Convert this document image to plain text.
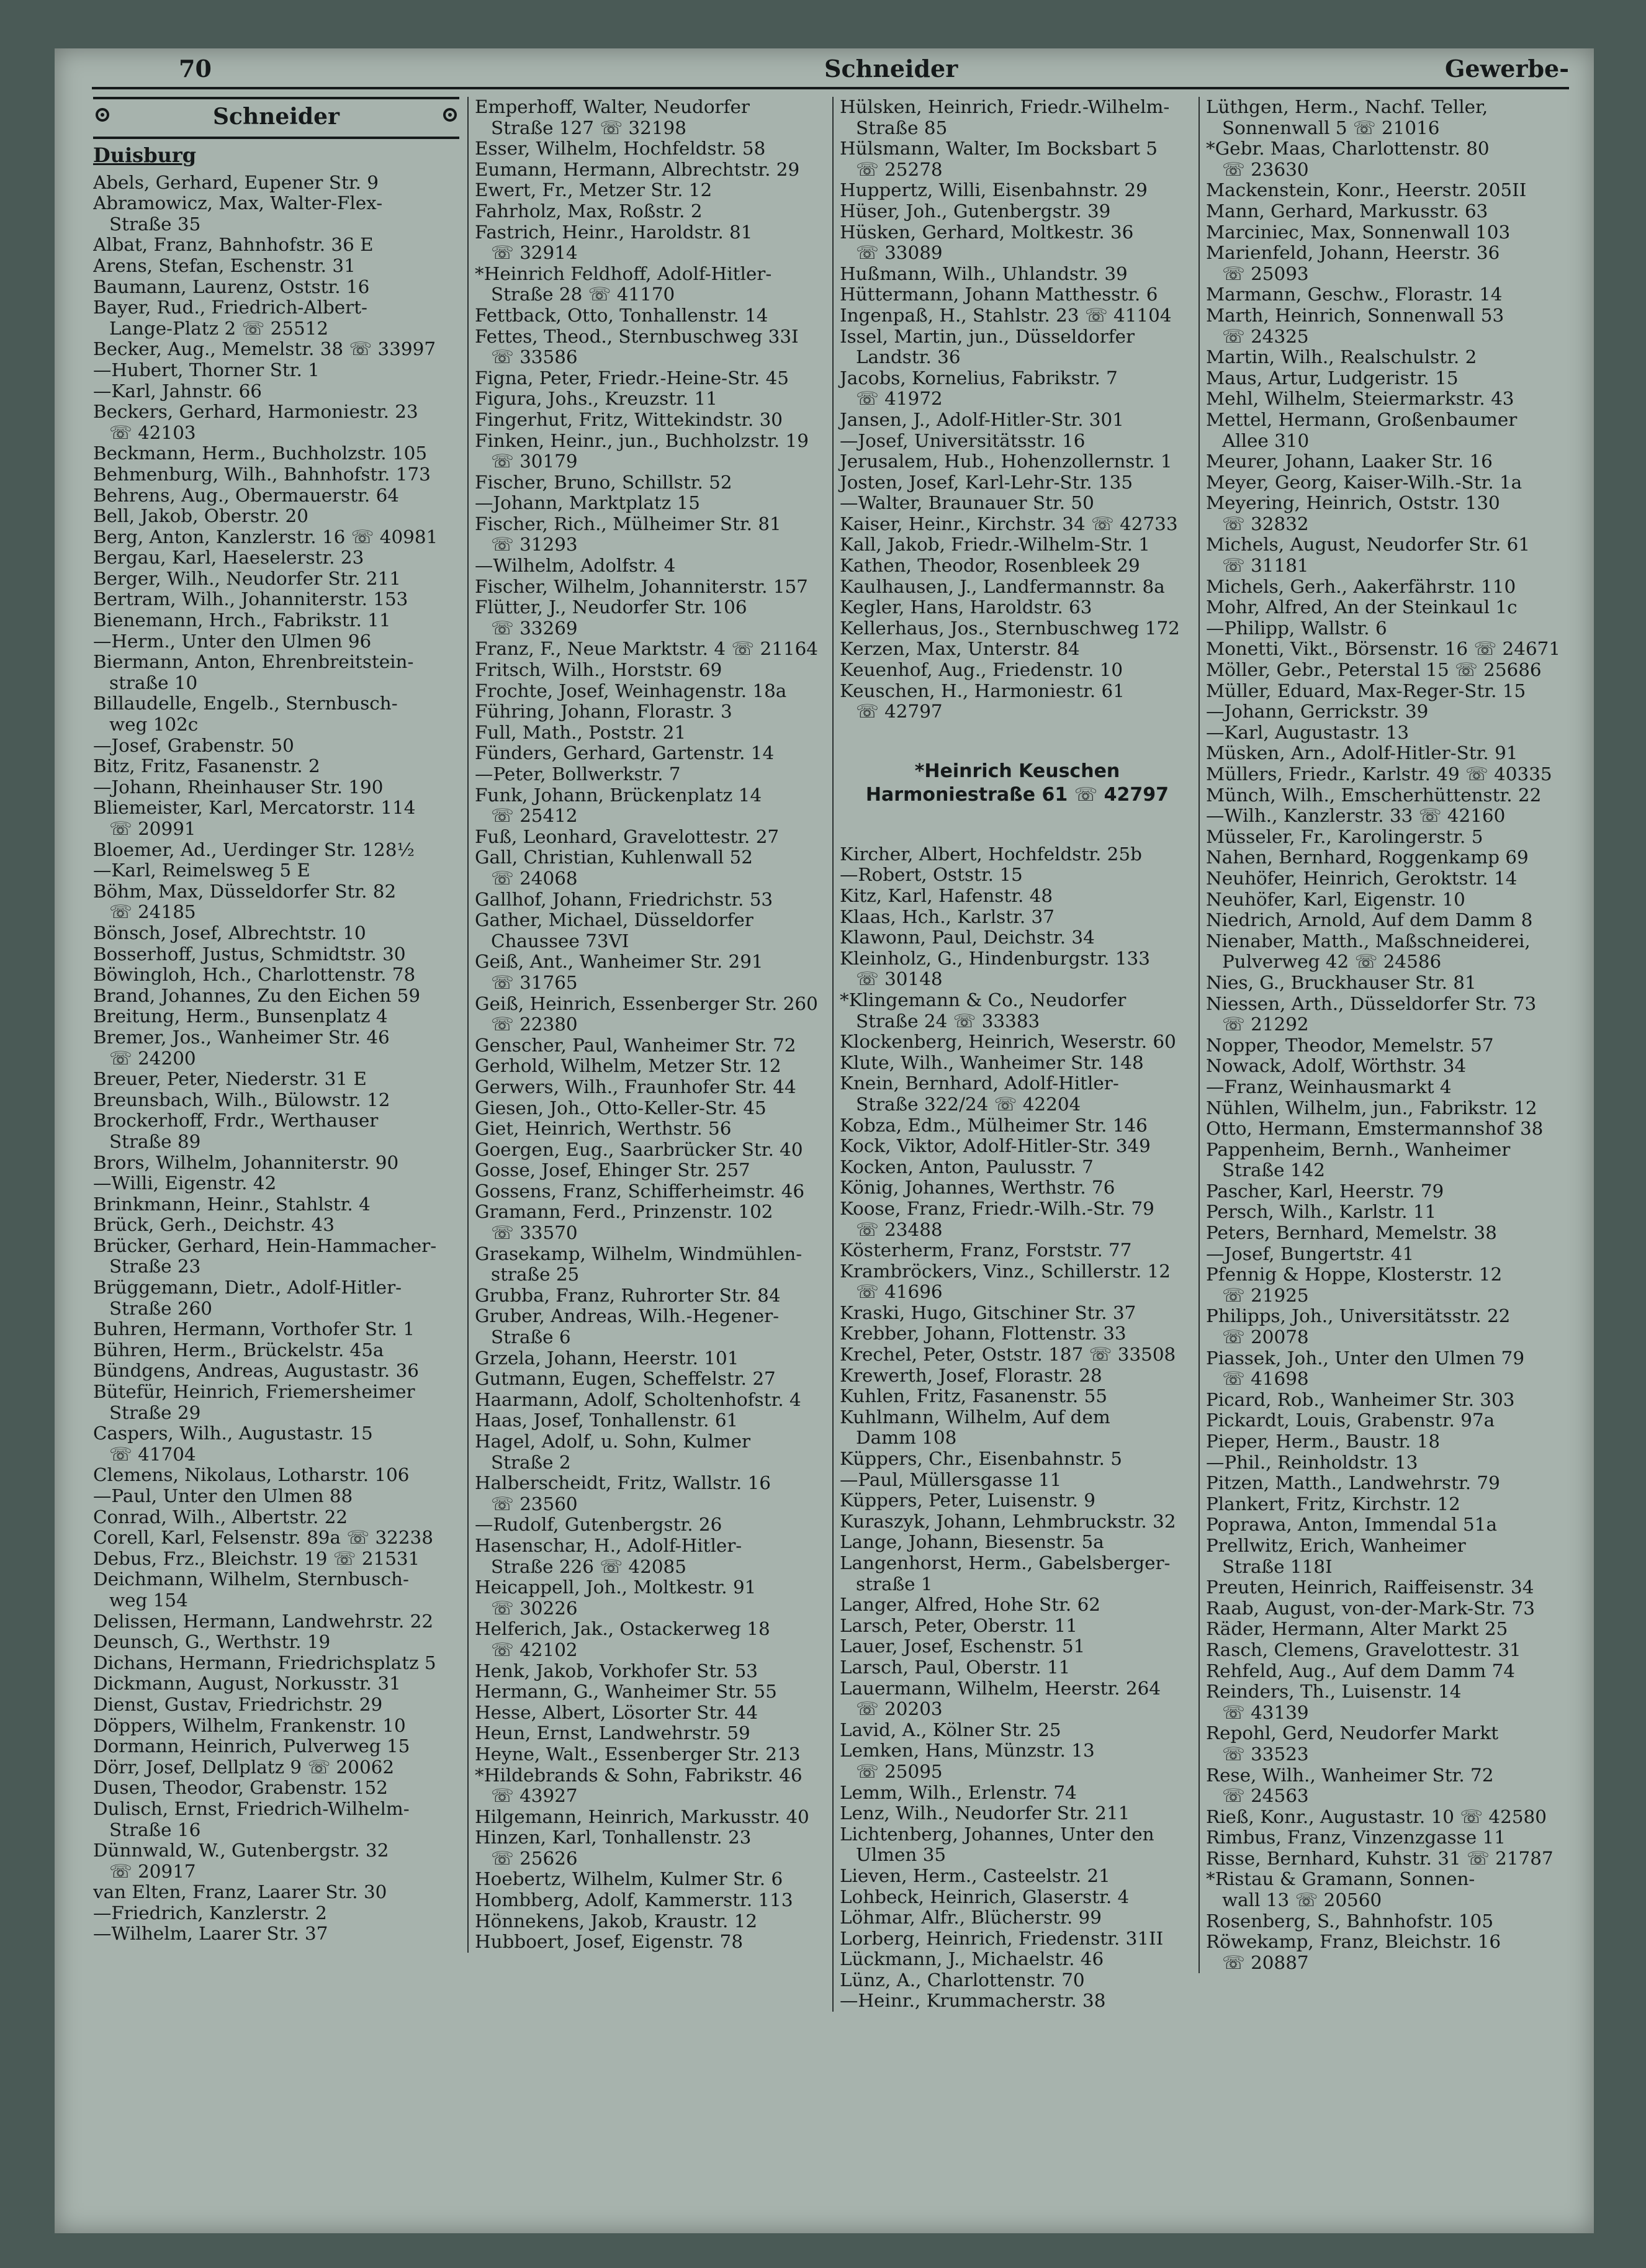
70	Schneider	Gewerbe-
Schneider
Duisburg
Abels, Gerhard, Eupener Str. 9
Abramowicz, Max, Walter-Flex-
Straße 35
Albat, Franz, Bahnhofstr. 36 E
Arens, Stefan, Eschenstr. 31
Baumann, Laurenz, Oststr. 16
Bayer, Rud., Friedrich-Albert-
Lange-Platz 2 ☏ 25512
Becker, Aug., Memelstr. 38 ☏ 33997
—Hubert, Thorner Str. 1
—Karl, Jahnstr. 66
Beckers, Gerhard, Harmoniestr. 23
☏ 42103
Beckmann, Herm., Buchholzstr. 105
Behmenburg, Wilh., Bahnhofstr. 173
Behrens, Aug., Obermauerstr. 64
Bell, Jakob, Oberstr. 20
Berg, Anton, Kanzlerstr. 16 ☏ 40981
Bergau, Karl, Haeselerstr. 23
Berger, Wilh., Neudorfer Str. 211
Bertram, Wilh., Johanniterstr. 153
Bienemann, Hrch., Fabrikstr. 11
—Herm., Unter den Ulmen 96
Biermann, Anton, Ehrenbreitstein-
straße 10
Billaudelle, Engelb., Sternbusch-
weg 102c
—Josef, Grabenstr. 50
Bitz, Fritz, Fasanenstr. 2
—Johann, Rheinhauser Str. 190
Bliemeister, Karl, Mercatorstr. 114
☏ 20991
Bloemer, Ad., Uerdinger Str. 128½
—Karl, Reimelsweg 5 E
Böhm, Max, Düsseldorfer Str. 82
☏ 24185
Bönsch, Josef, Albrechtstr. 10
Bosserhoff, Justus, Schmidtstr. 30
Böwingloh, Hch., Charlottenstr. 78
Brand, Johannes, Zu den Eichen 59
Breitung, Herm., Bunsenplatz 4
Bremer, Jos., Wanheimer Str. 46
☏ 24200
Breuer, Peter, Niederstr. 31 E
Breunsbach, Wilh., Bülowstr. 12
Brockerhoff, Frdr., Werthauser
Straße 89
Brors, Wilhelm, Johanniterstr. 90
—Willi, Eigenstr. 42
Brinkmann, Heinr., Stahlstr. 4
Brück, Gerh., Deichstr. 43
Brücker, Gerhard, Hein-Hammacher-
Straße 23
Brüggemann, Dietr., Adolf-Hitler-
Straße 260
Buhren, Hermann, Vorthofer Str. 1
Bühren, Herm., Brückelstr. 45a
Bündgens, Andreas, Augustastr. 36
Bütefür, Heinrich, Friemersheimer
Straße 29
Caspers, Wilh., Augustastr. 15
☏ 41704
Clemens, Nikolaus, Lotharstr. 106
—Paul, Unter den Ulmen 88
Conrad, Wilh., Albertstr. 22
Corell, Karl, Felsenstr. 89a ☏ 32238
Debus, Frz., Bleichstr. 19 ☏ 21531
Deichmann, Wilhelm, Sternbusch-
weg 154
Delissen, Hermann, Landwehrstr. 22
Deunsch, G., Werthstr. 19
Dichans, Hermann, Friedrichsplatz 5
Dickmann, August, Norkusstr. 31
Dienst, Gustav, Friedrichstr. 29
Döppers, Wilhelm, Frankenstr. 10
Dormann, Heinrich, Pulverweg 15
Dörr, Josef, Dellplatz 9 ☏ 20062
Dusen, Theodor, Grabenstr. 152
Dulisch, Ernst, Friedrich-Wilhelm-
Straße 16
Dünnwald, W., Gutenbergstr. 32
☏ 20917
van Elten, Franz, Laarer Str. 30
—Friedrich, Kanzlerstr. 2
—Wilhelm, Laarer Str. 37
Emperhoff, Walter, Neudorfer
Straße 127 ☏ 32198
Esser, Wilhelm, Hochfeldstr. 58
Eumann, Hermann, Albrechtstr. 29
Ewert, Fr., Metzer Str. 12
Fahrholz, Max, Roßstr. 2
Fastrich, Heinr., Haroldstr. 81
☏ 32914
*Heinrich Feldhoff, Adolf-Hitler-
Straße 28 ☏ 41170
Fettback, Otto, Tonhallenstr. 14
Fettes, Theod., Sternbuschweg 33I
☏ 33586
Figna, Peter, Friedr.-Heine-Str. 45
Figura, Johs., Kreuzstr. 11
Fingerhut, Fritz, Wittekindstr. 30
Finken, Heinr., jun., Buchholzstr. 19
☏ 30179
Fischer, Bruno, Schillstr. 52
—Johann, Marktplatz 15
Fischer, Rich., Mülheimer Str. 81
☏ 31293
—Wilhelm, Adolfstr. 4
Fischer, Wilhelm, Johanniterstr. 157
Flütter, J., Neudorfer Str. 106
☏ 33269
Franz, F., Neue Marktstr. 4 ☏ 21164
Fritsch, Wilh., Horststr. 69
Frochte, Josef, Weinhagenstr. 18a
Führing, Johann, Florastr. 3
Full, Math., Poststr. 21
Fünders, Gerhard, Gartenstr. 14
—Peter, Bollwerkstr. 7
Funk, Johann, Brückenplatz 14
☏ 25412
Fuß, Leonhard, Gravelottestr. 27
Gall, Christian, Kuhlenwall 52
☏ 24068
Gallhof, Johann, Friedrichstr. 53
Gather, Michael, Düsseldorfer
Chaussee 73VI
Geiß, Ant., Wanheimer Str. 291
☏ 31765
Geiß, Heinrich, Essenberger Str. 260
☏ 22380
Genscher, Paul, Wanheimer Str. 72
Gerhold, Wilhelm, Metzer Str. 12
Gerwers, Wilh., Fraunhofer Str. 44
Giesen, Joh., Otto-Keller-Str. 45
Giet, Heinrich, Werthstr. 56
Goergen, Eug., Saarbrücker Str. 40
Gosse, Josef, Ehinger Str. 257
Gossens, Franz, Schifferheimstr. 46
Gramann, Ferd., Prinzenstr. 102
☏ 33570
Grasekamp, Wilhelm, Windmühlen-
straße 25
Grubba, Franz, Ruhrorter Str. 84
Gruber, Andreas, Wilh.-Hegener-
Straße 6
Grzela, Johann, Heerstr. 101
Gutmann, Eugen, Scheffelstr. 27
Haarmann, Adolf, Scholtenhofstr. 4
Haas, Josef, Tonhallenstr. 61
Hagel, Adolf, u. Sohn, Kulmer
Straße 2
Halberscheidt, Fritz, Wallstr. 16
☏ 23560
—Rudolf, Gutenbergstr. 26
Hasenschar, H., Adolf-Hitler-
Straße 226 ☏ 42085
Heicappell, Joh., Moltkestr. 91
☏ 30226
Helferich, Jak., Ostackerweg 18
☏ 42102
Henk, Jakob, Vorkhofer Str. 53
Hermann, G., Wanheimer Str. 55
Hesse, Albert, Lösorter Str. 44
Heun, Ernst, Landwehrstr. 59
Heyne, Walt., Essenberger Str. 213
*Hildebrands & Sohn, Fabrikstr. 46
☏ 43927
Hilgemann, Heinrich, Markusstr. 40
Hinzen, Karl, Tonhallenstr. 23
☏ 25626
Hoebertz, Wilhelm, Kulmer Str. 6
Hombberg, Adolf, Kammerstr. 113
Hönnekens, Jakob, Kraustr. 12
Hubboert, Josef, Eigenstr. 78
Hülsken, Heinrich, Friedr.-Wilhelm-
Straße 85
Hülsmann, Walter, Im Bocksbart 5
☏ 25278
Huppertz, Willi, Eisenbahnstr. 29
Hüser, Joh., Gutenbergstr. 39
Hüsken, Gerhard, Moltkestr. 36
☏ 33089
Hußmann, Wilh., Uhlandstr. 39
Hüttermann, Johann Matthesstr. 6
Ingenpaß, H., Stahlstr. 23 ☏ 41104
Issel, Martin, jun., Düsseldorfer
Landstr. 36
Jacobs, Kornelius, Fabrikstr. 7
☏ 41972
Jansen, J., Adolf-Hitler-Str. 301
—Josef, Universitätsstr. 16
Jerusalem, Hub., Hohenzollernstr. 1
Josten, Josef, Karl-Lehr-Str. 135
—Walter, Braunauer Str. 50
Kaiser, Heinr., Kirchstr. 34 ☏ 42733
Kall, Jakob, Friedr.-Wilhelm-Str. 1
Kathen, Theodor, Rosenbleek 29
Kaulhausen, J., Landfermannstr. 8a
Kegler, Hans, Haroldstr. 63
Kellerhaus, Jos., Sternbuschweg 172
Kerzen, Max, Unterstr. 84
Keuenhof, Aug., Friedenstr. 10
Keuschen, H., Harmoniestr. 61
☏ 42797
*Heinrich Keuschen
Harmoniestraße 61 ☏ 42797
Kircher, Albert, Hochfeldstr. 25b
—Robert, Oststr. 15
Kitz, Karl, Hafenstr. 48
Klaas, Hch., Karlstr. 37
Klawonn, Paul, Deichstr. 34
Kleinholz, G., Hindenburgstr. 133
☏ 30148
*Klingemann & Co., Neudorfer
Straße 24 ☏ 33383
Klockenberg, Heinrich, Weserstr. 60
Klute, Wilh., Wanheimer Str. 148
Knein, Bernhard, Adolf-Hitler-
Straße 322/24 ☏ 42204
Kobza, Edm., Mülheimer Str. 146
Kock, Viktor, Adolf-Hitler-Str. 349
Kocken, Anton, Paulusstr. 7
König, Johannes, Werthstr. 76
Koose, Franz, Friedr.-Wilh.-Str. 79
☏ 23488
Kösterherm, Franz, Forststr. 77
Krambröckers, Vinz., Schillerstr. 12
☏ 41696
Kraski, Hugo, Gitschiner Str. 37
Krebber, Johann, Flottenstr. 33
Krechel, Peter, Oststr. 187 ☏ 33508
Krewerth, Josef, Florastr. 28
Kuhlen, Fritz, Fasanenstr. 55
Kuhlmann, Wilhelm, Auf dem
Damm 108
Küppers, Chr., Eisenbahnstr. 5
—Paul, Müllersgasse 11
Küppers, Peter, Luisenstr. 9
Kuraszyk, Johann, Lehmbruckstr. 32
Lange, Johann, Biesenstr. 5a
Langenhorst, Herm., Gabelsberger-
straße 1
Langer, Alfred, Hohe Str. 62
Larsch, Peter, Oberstr. 11
Lauer, Josef, Eschenstr. 51
Larsch, Paul, Oberstr. 11
Lauermann, Wilhelm, Heerstr. 264
☏ 20203
Lavid, A., Kölner Str. 25
Lemken, Hans, Münzstr. 13
☏ 25095
Lemm, Wilh., Erlenstr. 74
Lenz, Wilh., Neudorfer Str. 211
Lichtenberg, Johannes, Unter den
Ulmen 35
Lieven, Herm., Casteelstr. 21
Lohbeck, Heinrich, Glaserstr. 4
Löhmar, Alfr., Blücherstr. 99
Lorberg, Heinrich, Friedenstr. 31II
Lückmann, J., Michaelstr. 46
Lünz, A., Charlottenstr. 70
—Heinr., Krummacherstr. 38
Lüthgen, Herm., Nachf. Teller,
Sonnenwall 5 ☏ 21016
*Gebr. Maas, Charlottenstr. 80
☏ 23630
Mackenstein, Konr., Heerstr. 205II
Mann, Gerhard, Markusstr. 63
Marciniec, Max, Sonnenwall 103
Marienfeld, Johann, Heerstr. 36
☏ 25093
Marmann, Geschw., Florastr. 14
Marth, Heinrich, Sonnenwall 53
☏ 24325
Martin, Wilh., Realschulstr. 2
Maus, Artur, Ludgeristr. 15
Mehl, Wilhelm, Steiermarkstr. 43
Mettel, Hermann, Großenbaumer
Allee 310
Meurer, Johann, Laaker Str. 16
Meyer, Georg, Kaiser-Wilh.-Str. 1a
Meyering, Heinrich, Oststr. 130
☏ 32832
Michels, August, Neudorfer Str. 61
☏ 31181
Michels, Gerh., Aakerfährstr. 110
Mohr, Alfred, An der Steinkaul 1c
—Philipp, Wallstr. 6
Monetti, Vikt., Börsenstr. 16 ☏ 24671
Möller, Gebr., Peterstal 15 ☏ 25686
Müller, Eduard, Max-Reger-Str. 15
—Johann, Gerrickstr. 39
—Karl, Augustastr. 13
Müsken, Arn., Adolf-Hitler-Str. 91
Müllers, Friedr., Karlstr. 49 ☏ 40335
Münch, Wilh., Emscherhüttenstr. 22
—Wilh., Kanzlerstr. 33 ☏ 42160
Müsseler, Fr., Karolingerstr. 5
Nahen, Bernhard, Roggenkamp 69
Neuhöfer, Heinrich, Geroktstr. 14
Neuhöfer, Karl, Eigenstr. 10
Niedrich, Arnold, Auf dem Damm 8
Nienaber, Matth., Maßschneiderei,
Pulverweg 42 ☏ 24586
Nies, G., Bruckhauser Str. 81
Niessen, Arth., Düsseldorfer Str. 73
☏ 21292
Nopper, Theodor, Memelstr. 57
Nowack, Adolf, Wörthstr. 34
—Franz, Weinhausmarkt 4
Nühlen, Wilhelm, jun., Fabrikstr. 12
Otto, Hermann, Emstermannshof 38
Pappenheim, Bernh., Wanheimer
Straße 142
Pascher, Karl, Heerstr. 79
Persch, Wilh., Karlstr. 11
Peters, Bernhard, Memelstr. 38
—Josef, Bungertstr. 41
Pfennig & Hoppe, Klosterstr. 12
☏ 21925
Philipps, Joh., Universitätsstr. 22
☏ 20078
Piassek, Joh., Unter den Ulmen 79
☏ 41698
Picard, Rob., Wanheimer Str. 303
Pickardt, Louis, Grabenstr. 97a
Pieper, Herm., Baustr. 18
—Phil., Reinholdstr. 13
Pitzen, Matth., Landwehrstr. 79
Plankert, Fritz, Kirchstr. 12
Poprawa, Anton, Immendal 51a
Prellwitz, Erich, Wanheimer
Straße 118I
Preuten, Heinrich, Raiffeisenstr. 34
Raab, August, von-der-Mark-Str. 73
Räder, Hermann, Alter Markt 25
Rasch, Clemens, Gravelottestr. 31
Rehfeld, Aug., Auf dem Damm 74
Reinders, Th., Luisenstr. 14
☏ 43139
Repohl, Gerd, Neudorfer Markt
☏ 33523
Rese, Wilh., Wanheimer Str. 72
☏ 24563
Rieß, Konr., Augustastr. 10 ☏ 42580
Rimbus, Franz, Vinzenzgasse 11
Risse, Bernhard, Kuhstr. 31 ☏ 21787
*Ristau & Gramann, Sonnen-
wall 13 ☏ 20560
Rosenberg, S., Bahnhofstr. 105
Röwekamp, Franz, Bleichstr. 16
☏ 20887
